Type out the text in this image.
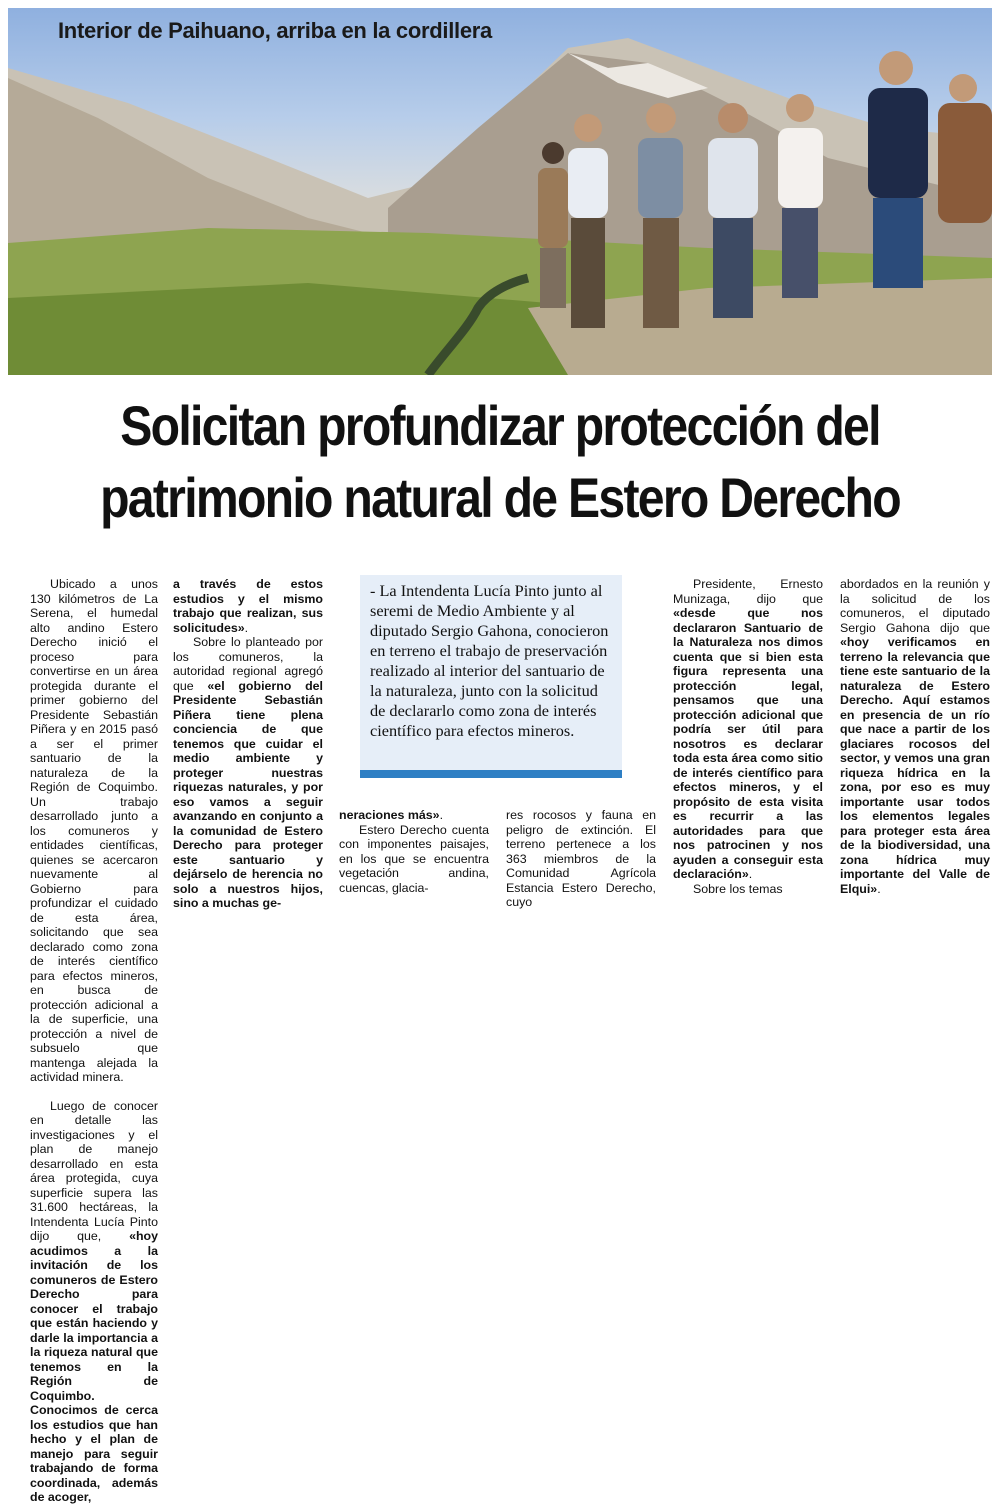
Interior de Paihuano, arriba en la cordillera
Solicitan profundizar protección del
patrimonio natural de Estero Derecho

Ubicado a unos 130 kilómetros de La Serena, el humedal alto andino Estero Derecho inició el proceso para convertirse en un área protegida durante el primer gobierno del Presidente Sebastián Piñera y en 2015 pasó a ser el primer santuario de la naturaleza de la Región de Coquimbo. Un trabajo desarrollado junto a los comuneros y entidades científicas, quienes se acercaron nuevamente al Gobierno para profundizar el cuidado de esta área, solicitando que sea declarado como zona de interés científico para efectos mineros, en busca de protección adicional a la de superficie, una protección a nivel de subsuelo que mantenga alejada la actividad minera.

Luego de conocer en detalle las investigaciones y el plan de manejo desarrollado en esta área protegida, cuya superficie supera las 31.600 hectáreas, la Intendenta Lucía Pinto dijo que, «hoy acudimos a la invitación de los comuneros de Estero Derecho para conocer el trabajo que están haciendo y darle la importancia a la riqueza natural que tenemos en la Región de Coquimbo. Conocimos de cerca los estudios que han hecho y el plan de manejo para seguir trabajando de forma coordinada, además de acoger,

a través de estos estudios y el mismo trabajo que realizan, sus solicitudes».

Sobre lo planteado por los comuneros, la autoridad regional agregó que «el gobierno del Presidente Sebastián Piñera tiene plena conciencia de que tenemos que cuidar el medio ambiente y proteger nuestras riquezas naturales, y por eso vamos a seguir avanzando en conjunto a la comunidad de Estero Derecho para proteger este santuario y dejárselo de herencia no solo a nuestros hijos, sino a muchas ge-

- La Intendenta Lucía Pinto junto al seremi de Medio Ambiente y al diputado Sergio Gahona, conocieron en terreno el trabajo de preservación realizado al interior del santuario de la naturaleza, junto con la solicitud de declararlo como zona de interés científico para efectos mineros.

neraciones más».

Estero Derecho cuenta con imponentes paisajes, en los que se encuentra vegetación andina, cuencas, glacia-

res rocosos y fauna en peligro de extinción. El terreno pertenece a los 363 miembros de la Comunidad Agrícola Estancia Estero Derecho, cuyo

Presidente, Ernesto Munizaga, dijo que «desde que nos declararon Santuario de la Naturaleza nos dimos cuenta que si bien esta figura representa una protección legal, pensamos que una protección adicional que podría ser útil para nosotros es declarar toda esta área como sitio de interés científico para efectos mineros, y el propósito de esta visita es recurrir a las autoridades para que nos patrocinen y nos ayuden a conseguir esta declaración».

Sobre los temas

abordados en la reunión y la solicitud de los comuneros, el diputado Sergio Gahona dijo que «hoy verificamos en terreno la relevancia que tiene este santuario de la naturaleza de Estero Derecho. Aquí estamos en presencia de un río que nace a partir de los glaciares rocosos del sector, y vemos una gran riqueza hídrica en la zona, por eso es muy importante usar todos los elementos legales para proteger esta área de la biodiversidad, una zona hídrica muy importante del Valle de Elqui».
